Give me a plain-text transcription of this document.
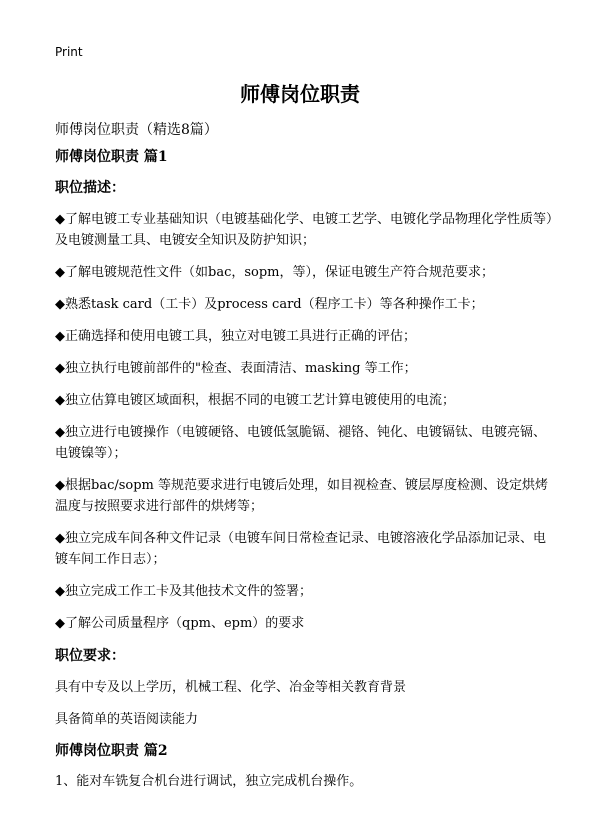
Print
师傅岗位职责
师傅岗位职责（精选8篇）

师傅岗位职责 篇1

职位描述：

◆了解电镀工专业基础知识（电镀基础化学、电镀工艺学、电镀化学品物理化学性质等）及电镀测量工具、电镀安全知识及防护知识；

◆了解电镀规范性文件（如bac，sopm，等），保证电镀生产符合规范要求；

◆熟悉task card（工卡）及process card（程序工卡）等各种操作工卡；

◆正确选择和使用电镀工具，独立对电镀工具进行正确的评估；

◆独立执行电镀前部件的"检查、表面清洁、masking 等工作；

◆独立估算电镀区域面积，根据不同的电镀工艺计算电镀使用的电流；

◆独立进行电镀操作（电镀硬铬、电镀低氢脆镉、褪铬、钝化、电镀镉钛、电镀亮镉、电镀镍等）；

◆根据bac/sopm 等规范要求进行电镀后处理，如目视检查、镀层厚度检测、设定烘烤温度与按照要求进行部件的烘烤等；

◆独立完成车间各种文件记录（电镀车间日常检查记录、电镀溶液化学品添加记录、电镀车间工作日志）；

◆独立完成工作工卡及其他技术文件的签署；

◆了解公司质量程序（qpm、epm）的要求

职位要求：

具有中专及以上学历，机械工程、化学、冶金等相关教育背景

具备简单的英语阅读能力

师傅岗位职责 篇2

1、能对车铣复合机台进行调试，独立完成机台操作。
